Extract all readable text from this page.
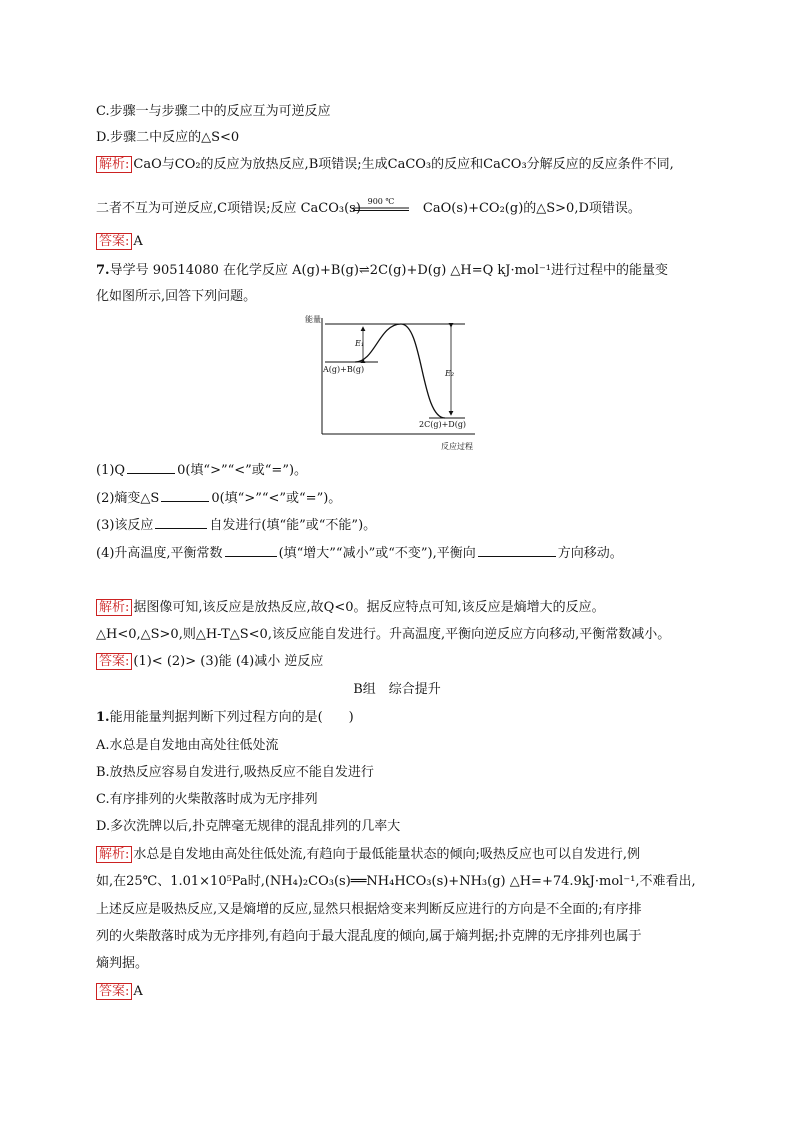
C.步骤一与步骤二中的反应互为可逆反应
D.步骤二中反应的△S<0
解析: CaO与CO₂的反应为放热反应,B项错误;生成CaCO₃的反应和CaCO₃分解反应的反应条件不同,
二者不互为可逆反应,C项错误;反应 CaCO₃(s)	CaO(s)+CO₂(g)的△S>0,D项错误。
900 ℃
答案: A
7.导学号 90514080 在化学反应 A(g)+B(g)⇌2C(g)+D(g) △H=Q kJ·mol⁻¹进行过程中的能量变
化如图所示,回答下列问题。
能量
反应过程
E₁
E₂
A(g)+B(g)
2C(g)+D(g)
(1)Q	0(填“>”“<”或“=”)。
(2)熵变△S	0(填“>”“<”或“=”)。
(3)该反应	自发进行(填“能”或“不能”)。
(4)升高温度,平衡常数	(填“增大”“减小”或“不变”),平衡向	方向移动。
解析: 据图像可知,该反应是放热反应,故Q<0。据反应特点可知,该反应是熵增大的反应。
△H<0,△S>0,则△H-T△S<0,该反应能自发进行。升高温度,平衡向逆反应方向移动,平衡常数减小。
答案: (1)< (2)> (3)能 (4)减小 逆反应
B组　综合提升
1.能用能量判据判断下列过程方向的是(　　)
A.水总是自发地由高处往低处流
B.放热反应容易自发进行,吸热反应不能自发进行
C.有序排列的火柴散落时成为无序排列
D.多次洗牌以后,扑克牌毫无规律的混乱排列的几率大
解析: 水总是自发地由高处往低处流,有趋向于最低能量状态的倾向;吸热反应也可以自发进行,例
如,在25℃、1.01×10⁵Pa时,(NH₄)₂CO₃(s)══NH₄HCO₃(s)+NH₃(g) △H=+74.9kJ·mol⁻¹,不难看出,
上述反应是吸热反应,又是熵增的反应,显然只根据焓变来判断反应进行的方向是不全面的;有序排
列的火柴散落时成为无序排列,有趋向于最大混乱度的倾向,属于熵判据;扑克牌的无序排列也属于
熵判据。
答案: A
